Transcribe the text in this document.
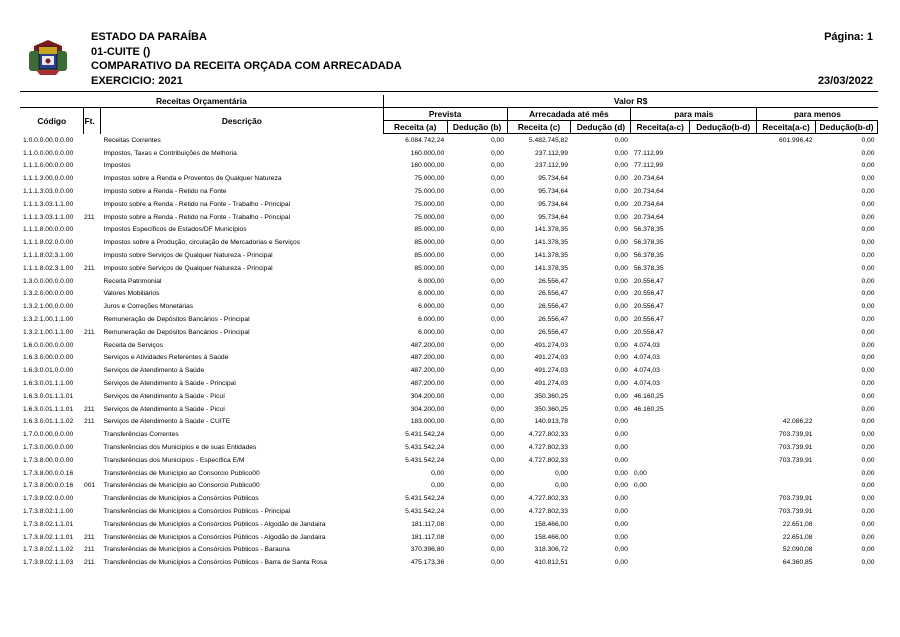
ESTADO DA PARAÍBA
01-CUITE ()
COMPARATIVO DA RECEITA ORÇADA COM ARRECADADA
EXERCICIO: 2021
Página: 1
23/03/2022
Receitas Orçamentária			Valor R$							
Código	Ft.	Descrição	Prevista		Arrecadada até mês		para mais		para menos	
			Receita (a)	Dedução (b)	Receita (c)	Dedução (d)	Receita(a-c)	Dedução(b-d)	Receita(a-c)	Dedução(b-d)
1.0.0.0.00.0.0.00		Receitas Correntes	6.084.742,24	0,00	5.482.745,82	0,00			601.996,42	0,00
1.1.0.0.00.0.0.00		Impostos, Taxas e Contribuições de Melhoria	160.000,00	0,00	237.112,99	0,00	77.112,99			0,00
1.1.1.0.00.0.0.00		Impostos	160.000,00	0,00	237.112,99	0,00	77.112,99			0,00
1.1.1.3.00.0.0.00		Impostos sobre a Renda e Proventos de Qualquer Natureza	75.000,00	0,00	95.734,64	0,00	20.734,64			0,00
1.1.1.3.03.0.0.00		Imposto sobre a Renda - Retido na Fonte	75.000,00	0,00	95.734,64	0,00	20.734,64			0,00
1.1.1.3.03.1.1.00		Imposto sobre a Renda - Retido na Fonte - Trabalho - Principal	75.000,00	0,00	95.734,64	0,00	20.734,64			0,00
1.1.1.3.03.1.1.00	211	Imposto sobre a Renda - Retido na Fonte - Trabalho - Principal	75.000,00	0,00	95.734,64	0,00	20.734,64			0,00
1.1.1.8.00.0.0.00		Impostos Específicos de Estados/DF Municípios	85.000,00	0,00	141.378,35	0,00	56.378,35			0,00
1.1.1.8.02.0.0.00		Impostos sobre a Produção, circulação de Mercadorias e Serviços	85.000,00	0,00	141.378,35	0,00	56.378,35			0,00
1.1.1.8.02.3.1.00		Imposto sobre Serviços de Qualquer Natureza - Principal	85.000,00	0,00	141.378,35	0,00	56.378,35			0,00
1.1.1.8.02.3.1.00	211	Imposto sobre Serviços de Qualquer Natureza - Principal	85.000,00	0,00	141.378,35	0,00	56.378,35			0,00
1.3.0.0.00.0.0.00		Receita Patrimonial	6.000,00	0,00	26.556,47	0,00	20.556,47			0,00
1.3.2.0.00.0.0.00		Valores Mobiliários	6.000,00	0,00	26.556,47	0,00	20.556,47			0,00
1.3.2.1.00.0.0.00		Juros e Correções Monetárias	6.000,00	0,00	26.556,47	0,00	20.556,47			0,00
1.3.2.1.00.1.1.00		Remuneração de Depósitos Bancários - Principal	6.000,00	0,00	26.556,47	0,00	20.556,47			0,00
1.3.2.1.00.1.1.00	211	Remuneração de Depósitos Bancários - Principal	6.000,00	0,00	26.556,47	0,00	20.556,47			0,00
1.6.0.0.00.0.0.00		Receita de Serviços	487.200,00	0,00	491.274,03	0,00	4.074,03			0,00
1.6.3.0.00.0.0.00		Serviços e Atividades Referentes à Saúde	487.200,00	0,00	491.274,03	0,00	4.074,03			0,00
1.6.3.0.01.0.0.00		Serviços de Atendimento à Saúde	487.200,00	0,00	491.274,03	0,00	4.074,03			0,00
1.6.3.0.01.1.1.00		Serviços de Atendimento à Saúde - Principal	487.200,00	0,00	491.274,03	0,00	4.074,03			0,00
1.6.3.0.01.1.1.01		Serviços de Atendimento à Saúde - Picuí	304.200,00	0,00	350.360,25	0,00	46.160,25			0,00
1.6.3.0.01.1.1.01	211	Serviços de Atendimento à Saúde - Picuí	304.200,00	0,00	350.360,25	0,00	46.160,25			0,00
1.6.3.0.01.1.1.02	211	Serviços de Atendimento à Saúde - CUITE	183.000,00	0,00	140.913,78	0,00			42.086,22	0,00
1.7.0.0.00.0.0.00		Transferências Correntes	5.431.542,24	0,00	4.727.802,33	0,00			703.739,91	0,00
1.7.3.0.00.0.0.00		Transferências dos Municípios e de suas Entidades	5.431.542,24	0,00	4.727.802,33	0,00			703.739,91	0,00
1.7.3.8.00.0.0.00		Transferências dos Municípios - Específica E/M	5.431.542,24	0,00	4.727.802,33	0,00			703.739,91	0,00
1.7.3.8.00.0.0.16		Transferências de Município ao Consorcio Publico00	0,00	0,00	0,00	0,00	0,00			0,00
1.7.3.8.00.0.0.16	001	Transferências de Município ao Consorcio Publico00	0,00	0,00	0,00	0,00	0,00			0,00
1.7.3.8.02.0.0.00		Transferências de Municípios a Consórcios Públicos	5.431.542,24	0,00	4.727.802,33	0,00			703.739,91	0,00
1.7.3.8.02.1.1.00		Transferências de Municípios a Consórcios Públicos - Principal	5.431.542,24	0,00	4.727.802,33	0,00			703.739,91	0,00
1.7.3.8.02.1.1.01		Transferências de Municípios a Consórcios Públicos - Algodão de Jandaira	181.117,08	0,00	158.466,00	0,00			22.651,08	0,00
1.7.3.8.02.1.1.01	211	Transferências de Municípios a Consórcios Públicos - Algodão de Jandaira	181.117,08	0,00	158.466,00	0,00			22.651,08	0,00
1.7.3.8.02.1.1.02	211	Transferências de Municípios a Consórcios Públicos - Barauna	370.396,80	0,00	318.306,72	0,00			52.090,08	0,00
1.7.3.8.02.1.1.03	211	Transferências de Municípios a Consórcios Públicos - Barra de Santa Rosa	475.173,36	0,00	410.812,51	0,00			64.360,85	0,00
